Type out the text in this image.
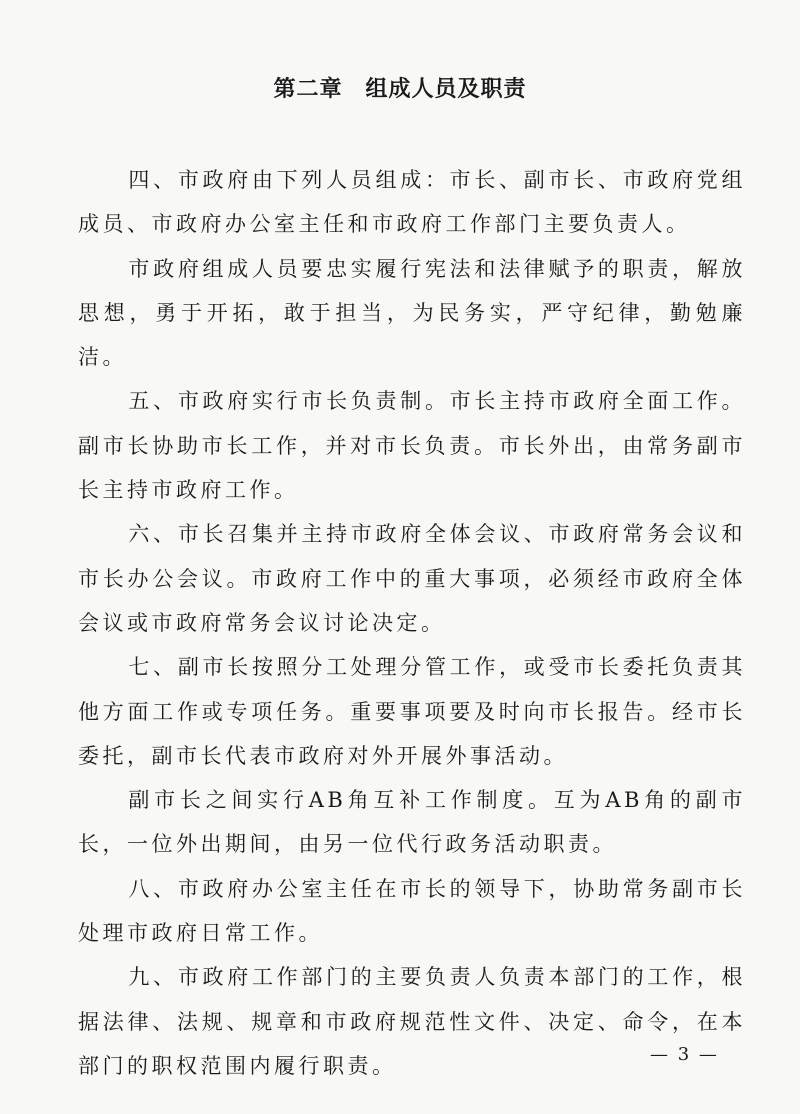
第二章　组成人员及职责

四、市政府由下列人员组成：市长、副市长、市政府党组成员、市政府办公室主任和市政府工作部门主要负责人。

市政府组成人员要忠实履行宪法和法律赋予的职责，解放思想，勇于开拓，敢于担当，为民务实，严守纪律，勤勉廉洁。

五、市政府实行市长负责制。市长主持市政府全面工作。副市长协助市长工作，并对市长负责。市长外出，由常务副市长主持市政府工作。

六、市长召集并主持市政府全体会议、市政府常务会议和市长办公会议。市政府工作中的重大事项，必须经市政府全体会议或市政府常务会议讨论决定。

七、副市长按照分工处理分管工作，或受市长委托负责其他方面工作或专项任务。重要事项要及时向市长报告。经市长委托，副市长代表市政府对外开展外事活动。

副市长之间实行AB角互补工作制度。互为AB角的副市长，一位外出期间，由另一位代行政务活动职责。

八、市政府办公室主任在市长的领导下，协助常务副市长处理市政府日常工作。

九、市政府工作部门的主要负责人负责本部门的工作，根据法律、法规、规章和市政府规范性文件、决定、命令，在本部门的职权范围内履行职责。	— 3 —
